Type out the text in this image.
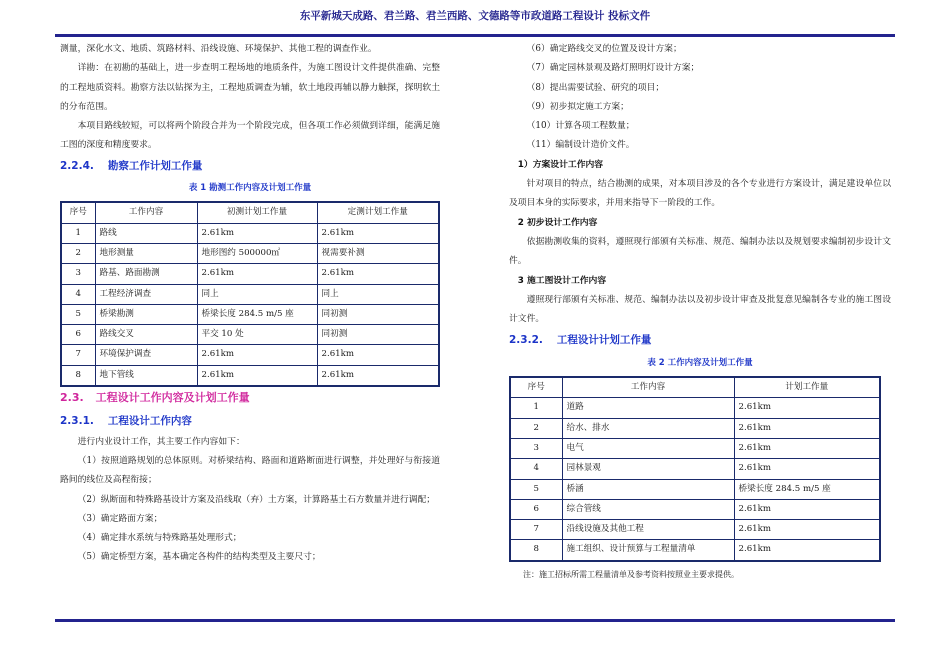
东平新城天成路、君兰路、君兰西路、文德路等市政道路工程设计 投标文件
测量，深化水文、地质、筑路材料、沿线设施、环境保护、其他工程的调查作业。
详勘：在初勘的基础上，进一步查明工程场地的地质条件，为施工图设计文件提供准确、完整的工程地质资料。勘察方法以钻探为主，工程地质调查为辅，软土地段再辅以静力触探，探明软土的分布范围。
本项目路线较短，可以将两个阶段合并为一个阶段完成，但各项工作必须做到详细，能满足施工图的深度和精度要求。
2.2.4. 勘察工作计划工作量
表 1 勘测工作内容及计划工作量
序号	工作内容	初测计划工作量	定测计划工作量
1	路线	2.61km	2.61km
2	地形测量	地形图约 500000㎡	视需要补测
3	路基、路面勘测	2.61km	2.61km
4	工程经济调查	同上	同上
5	桥梁勘测	桥梁长度 284.5 m/5 座	同初测
6	路线交叉	平交 10 处	同初测
7	环境保护调查	2.61km	2.61km
8	地下管线	2.61km	2.61km
2.3. 工程设计工作内容及计划工作量
2.3.1. 工程设计工作内容
进行内业设计工作，其主要工作内容如下：
（1）按照道路规划的总体原则。对桥梁结构、路面和道路断面进行调整，并处理好与衔接道路间的线位及高程衔接；
（2）纵断面和特殊路基设计方案及沿线取（弃）土方案，计算路基土石方数量并进行调配；
（3）确定路面方案；
（4）确定排水系统与特殊路基处理形式；
（5）确定桥型方案，基本确定各构件的结构类型及主要尺寸；
（6）确定路线交叉的位置及设计方案；
（7）确定园林景观及路灯照明灯设计方案；
（8）提出需要试验、研究的项目；
（9）初步拟定施工方案；
（10）计算各项工程数量；
（11）编制设计造价文件。
1）方案设计工作内容
针对项目的特点，结合勘测的成果，对本项目涉及的各个专业进行方案设计，满足建设单位以及项目本身的实际要求，并用来指导下一阶段的工作。
2 初步设计工作内容
依据勘测收集的资料，遵照现行部颁有关标准、规范、编制办法以及规划要求编制初步设计文件。
3 施工图设计工作内容
遵照现行部颁有关标准、规范、编制办法以及初步设计审查及批复意见编制各专业的施工图设计文件。
2.3.2. 工程设计计划工作量
表 2 工作内容及计划工作量
序号	工作内容	计划工作量
1	道路	2.61km
2	给水、排水	2.61km
3	电气	2.61km
4	园林景观	2.61km
5	桥涵	桥梁长度 284.5 m/5 座
6	综合管线	2.61km
7	沿线设施及其他工程	2.61km
8	施工组织、设计预算与工程量清单	2.61km
注：施工招标所需工程量清单及参考资料按照业主要求提供。
